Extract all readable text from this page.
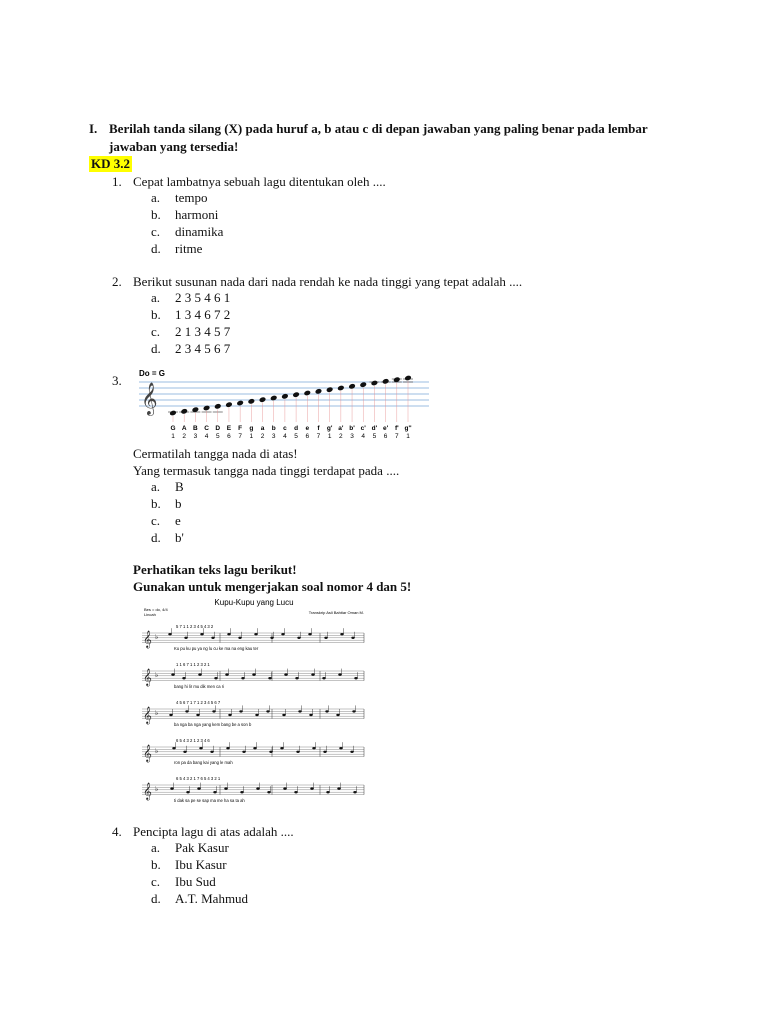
I. Berilah tanda silang (X) pada huruf a, b atau c di depan jawaban yang paling benar pada lembar
jawaban yang tersedia!
KD 3.2
1. Cepat lambatnya sebuah lagu ditentukan oleh ....
a. tempo
b. harmoni
c. dinamika
d. ritme
2. Berikut susunan nada dari nada rendah ke nada tinggi yang tepat adalah ....
a. 2 3 5 4 6 1
b. 1 3 4 6 7 2
c. 2 1 3 4 5 7
d. 2 3 4 5 6 7
3. Do = G
𝄞
G A B C D E F g a b c d e f g' a' b' c' d' e' f' g''
1 2 3 4 5 6 7 1 2 3 4 5 6 7 1 2 3 4 5 6 7 1
Cermatilah tangga nada di atas!
Yang termasuk tangga nada tinggi terdapat pada ....
a. B
b. b
c. e
d. b'
Perhatikan teks lagu berikut!
Gunakan untuk mengerjakan soal nomor 4 dan 5!
Kupu-Kupu yang Lucu
Bes = do, 4/4
Lincah	Transkrip Asli Bahtiar Oman M.
5 7 1 1 2 3 4 5 4 3 2
𝄞 ♭
Ku pu ku pu ya ng lu cu ke ma na eng kau ter
1 1 6 7 1 1 2 3 2 1
𝄞 ♭
bang hi lir mu dik men ca ri
4 5 6 7 1 7 1 2 3 4 5 6 7
𝄞 ♭
ba nga ba nga yang kem bang be a son b
6 5 4 3 2 1 2 3 4 6
𝄞 ♭
ron pa da bang kai yang le mah
6 5 4 3 2 1 7 6 5 4 3 2 1
𝄞 ♭
ti dak sa pe se sap ma me ha sa ta ah
4. Pencipta lagu di atas adalah ....
a. Pak Kasur
b. Ibu Kasur
c. Ibu Sud
d. A.T. Mahmud
